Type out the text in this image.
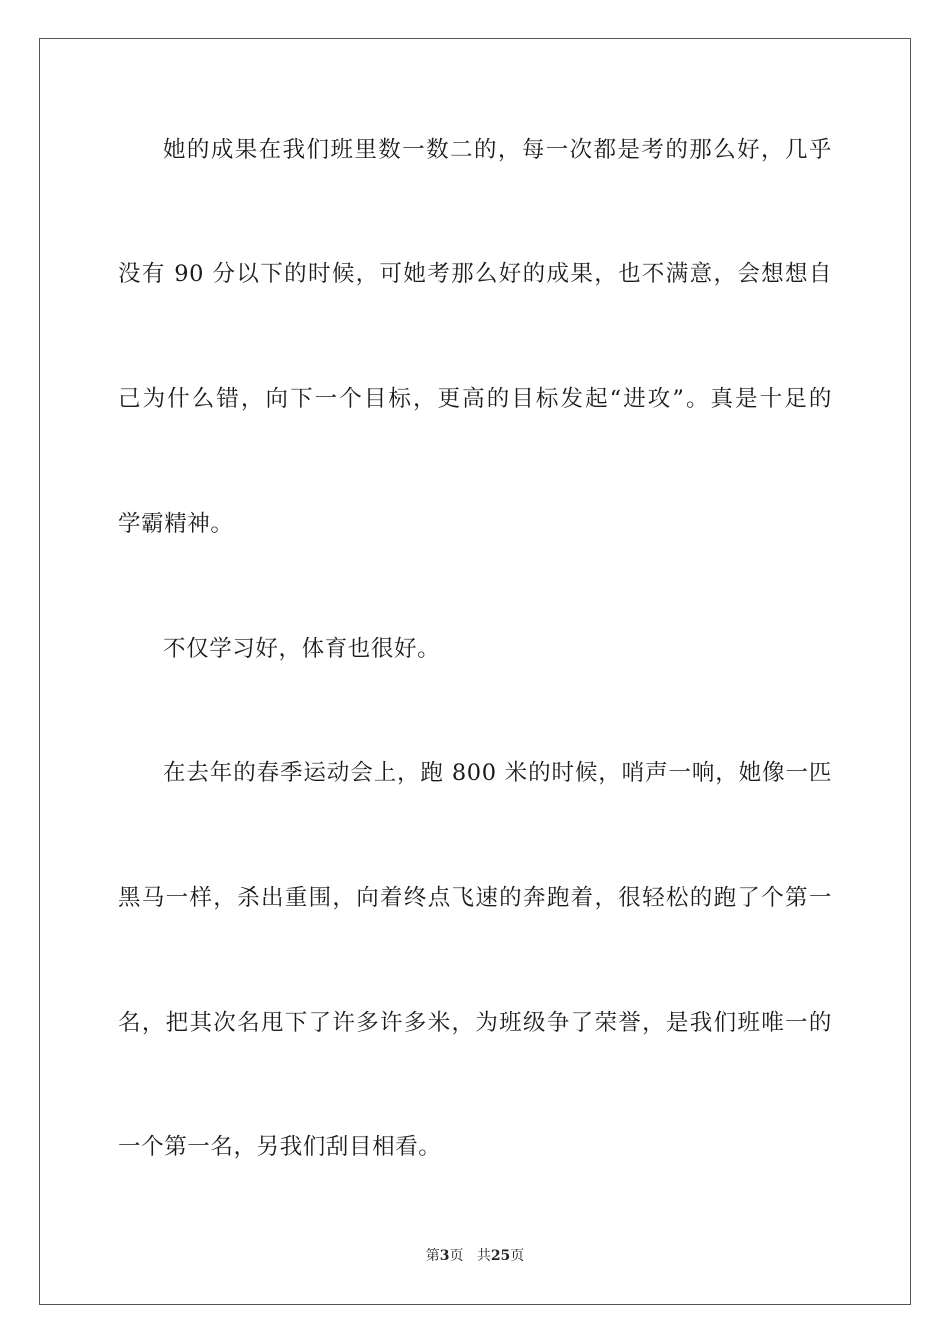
她的成果在我们班里数一数二的，每一次都是考的那么好，几乎
没有 90 分以下的时候，可她考那么好的成果，也不满意，会想想自
己为什么错，向下一个目标，更高的目标发起“进攻”。真是十足的
学霸精神。
不仅学习好，体育也很好。
在去年的春季运动会上，跑 800 米的时候，哨声一响，她像一匹
黑马一样，杀出重围，向着终点飞速的奔跑着，很轻松的跑了个第一
名，把其次名甩下了许多许多米，为班级争了荣誉，是我们班唯一的
一个第一名，另我们刮目相看。
第3页 共25页
